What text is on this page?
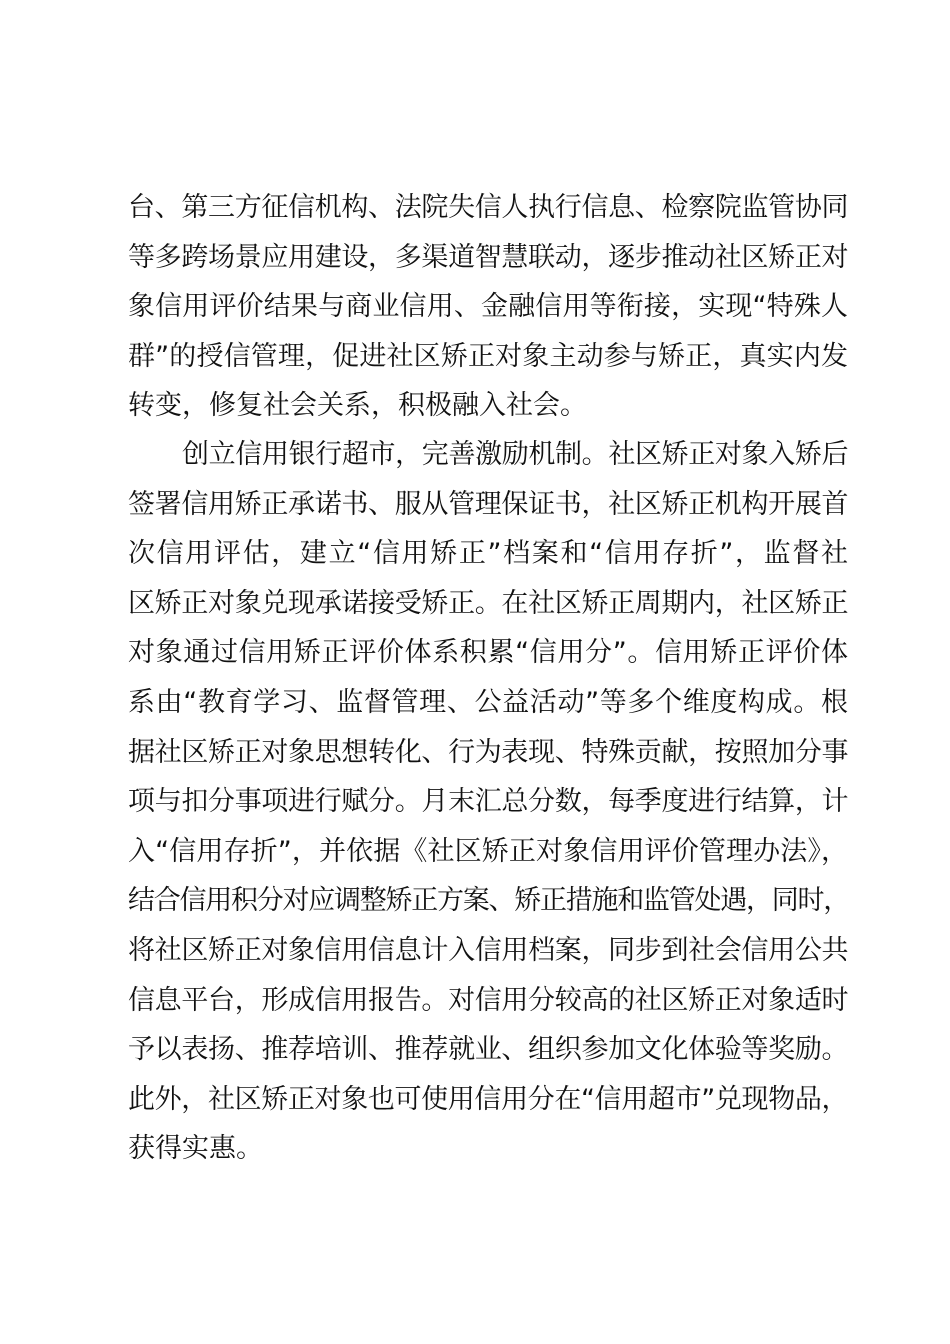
台、第三方征信机构、法院失信人执行信息、检察院监管协同
等多跨场景应用建设，多渠道智慧联动，逐步推动社区矫正对
象信用评价结果与商业信用、金融信用等衔接，实现“特殊人
群”的授信管理，促进社区矫正对象主动参与矫正，真实内发
转变，修复社会关系，积极融入社会。
创立信用银行超市，完善激励机制。社区矫正对象入矫后
签署信用矫正承诺书、服从管理保证书，社区矫正机构开展首
次信用评估，建立“信用矫正”档案和“信用存折”，监督社
区矫正对象兑现承诺接受矫正。在社区矫正周期内，社区矫正
对象通过信用矫正评价体系积累“信用分”。信用矫正评价体
系由“教育学习、监督管理、公益活动”等多个维度构成。根
据社区矫正对象思想转化、行为表现、特殊贡献，按照加分事
项与扣分事项进行赋分。月末汇总分数，每季度进行结算，计
入“信用存折”，并依据《社区矫正对象信用评价管理办法》，
结合信用积分对应调整矫正方案、矫正措施和监管处遇，同时，
将社区矫正对象信用信息计入信用档案，同步到社会信用公共
信息平台，形成信用报告。对信用分较高的社区矫正对象适时
予以表扬、推荐培训、推荐就业、组织参加文化体验等奖励。
此外，社区矫正对象也可使用信用分在“信用超市”兑现物品，
获得实惠。
